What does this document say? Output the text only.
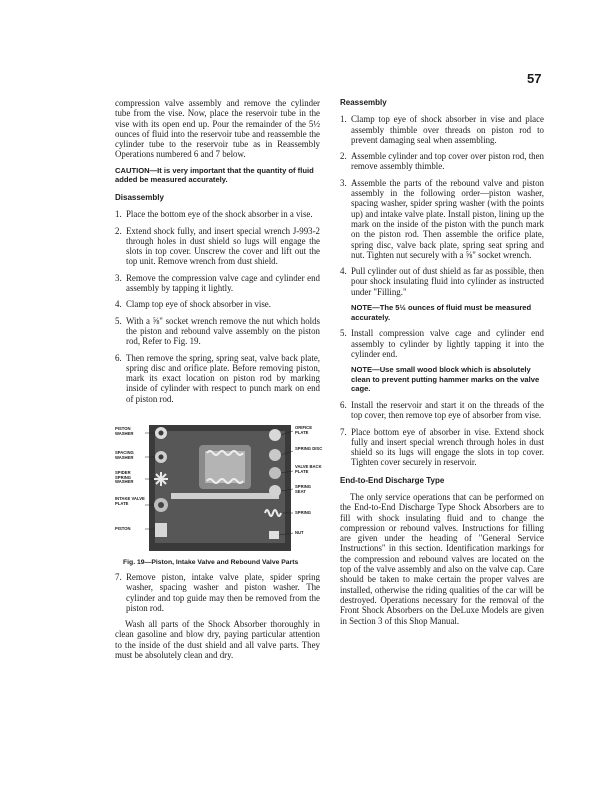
57

compression valve assembly and remove the cylinder tube from the vise. Now, place the reservoir tube in the vise with its open end up. Pour the remainder of the 5½ ounces of fluid into the reservoir tube and reassemble the cylinder tube to the reservoir tube as in Reassembly Operations numbered 6 and 7 below.

CAUTION—It is very important that the quantity of fluid added be measured accurately.
Disassembly
1. Place the bottom eye of the shock absorber in a vise.
2. Extend shock fully, and insert special wrench J-993-2 through holes in dust shield so lugs will engage the slots in top cover. Unscrew the cover and lift out the top unit. Remove wrench from dust shield.
3. Remove the compression valve cage and cylinder end assembly by tapping it lightly.
4. Clamp top eye of shock absorber in vise.
5. With a ⅝" socket wrench remove the nut which holds the piston and rebound valve assembly on the piston rod, Refer to Fig. 19.
6. Then remove the spring, spring seat, valve back plate, spring disc and orifice plate. Before removing piston, mark its exact location on piston rod by marking inside of cylinder with respect to punch mark on end of piston rod.
PISTON WASHER
SPACING WASHER
SPIDER SPRING WASHER
INTAKE VALVE PLATE
PISTON
ORIFICE PLATE
SPRING DISC
VALVE BACK PLATE
SPRING SEAT
SPRING
NUT
Fig. 19—Piston, Intake Valve and Rebound Valve Parts
7. Remove piston, intake valve plate, spider spring washer, spacing washer and piston washer. The cylinder and top guide may then be removed from the piston rod.

Wash all parts of the Shock Absorber thoroughly in clean gasoline and blow dry, paying particular attention to the inside of the dust shield and all valve parts. They must be absolutely clean and dry.

Reassembly
1. Clamp top eye of shock absorber in vise and place assembly thimble over threads on piston rod to prevent damaging seal when assembling.
2. Assemble cylinder and top cover over piston rod, then remove assembly thimble.
3. Assemble the parts of the rebound valve and piston assembly in the following order—piston washer, spacing washer, spider spring washer (with the points up) and intake valve plate. Install piston, lining up the mark on the inside of the piston with the punch mark on the piston rod. Then assemble the orifice plate, spring disc, valve back plate, spring seat spring and nut. Tighten nut securely with a ⅝" socket wrench.
4. Pull cylinder out of dust shield as far as possible, then pour shock insulating fluid into cylinder as instructed under "Filling."
NOTE—The 5½ ounces of fluid must be measured accurately.
5. Install compression valve cage and cylinder end assembly to cylinder by lightly tapping it into the cylinder end.
NOTE—Use small wood block which is absolutely clean to prevent putting hammer marks on the valve cage.
6. Install the reservoir and start it on the threads of the top cover, then remove top eye of absorber from vise.
7. Place bottom eye of absorber in vise. Extend shock fully and insert special wrench through holes in dust shield so its lugs will engage the slots in top cover. Tighten cover securely in reservoir.
End-to-End Discharge Type

The only service operations that can be performed on the End-to-End Discharge Type Shock Absorbers are to fill with shock insulating fluid and to change the compression or rebound valves. Instructions for filling are given under the heading of "General Service Instructions" in this section. Identification markings for the compression and rebound valves are located on the top of the valve assembly and also on the valve cap. Care should be taken to make certain the proper valves are installed, otherwise the riding qualities of the car will be destroyed. Operations necessary for the removal of the Front Shock Absorbers on the DeLuxe Models are given in Section 3 of this Shop Manual.
